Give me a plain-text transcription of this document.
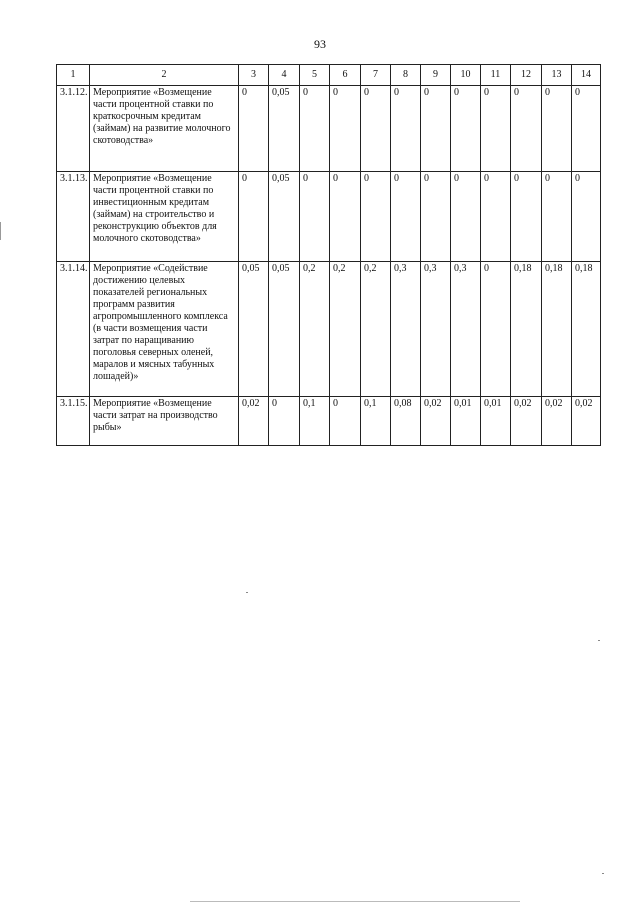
93
1	2	3	4	5	6	7	8	9	10	11	12	13	14
3.1.12.	Мероприятие «Возмещение части процентной ставки по краткосрочным кредитам (займам) на развитие молочного скотоводства»	0	0,05	0	0	0	0	0	0	0	0	0	0
3.1.13.	Мероприятие «Возмещение части процентной ставки по инвестиционным кредитам (займам) на строительство и реконструкцию объектов для молочного скотоводства»	0	0,05	0	0	0	0	0	0	0	0	0	0
3.1.14.	Мероприятие «Содействие достижению целевых показателей региональных программ развития агропромышленного комплекса (в части возмещения части затрат по наращиванию поголовья северных оленей, маралов и мясных табунных лошадей)»	0,05	0,05	0,2	0,2	0,2	0,3	0,3	0,3	0	0,18	0,18	0,18
3.1.15.	Мероприятие «Возмещение части затрат на производство рыбы»	0,02	0	0,1	0	0,1	0,08	0,02	0,01	0,01	0,02	0,02	0,02
